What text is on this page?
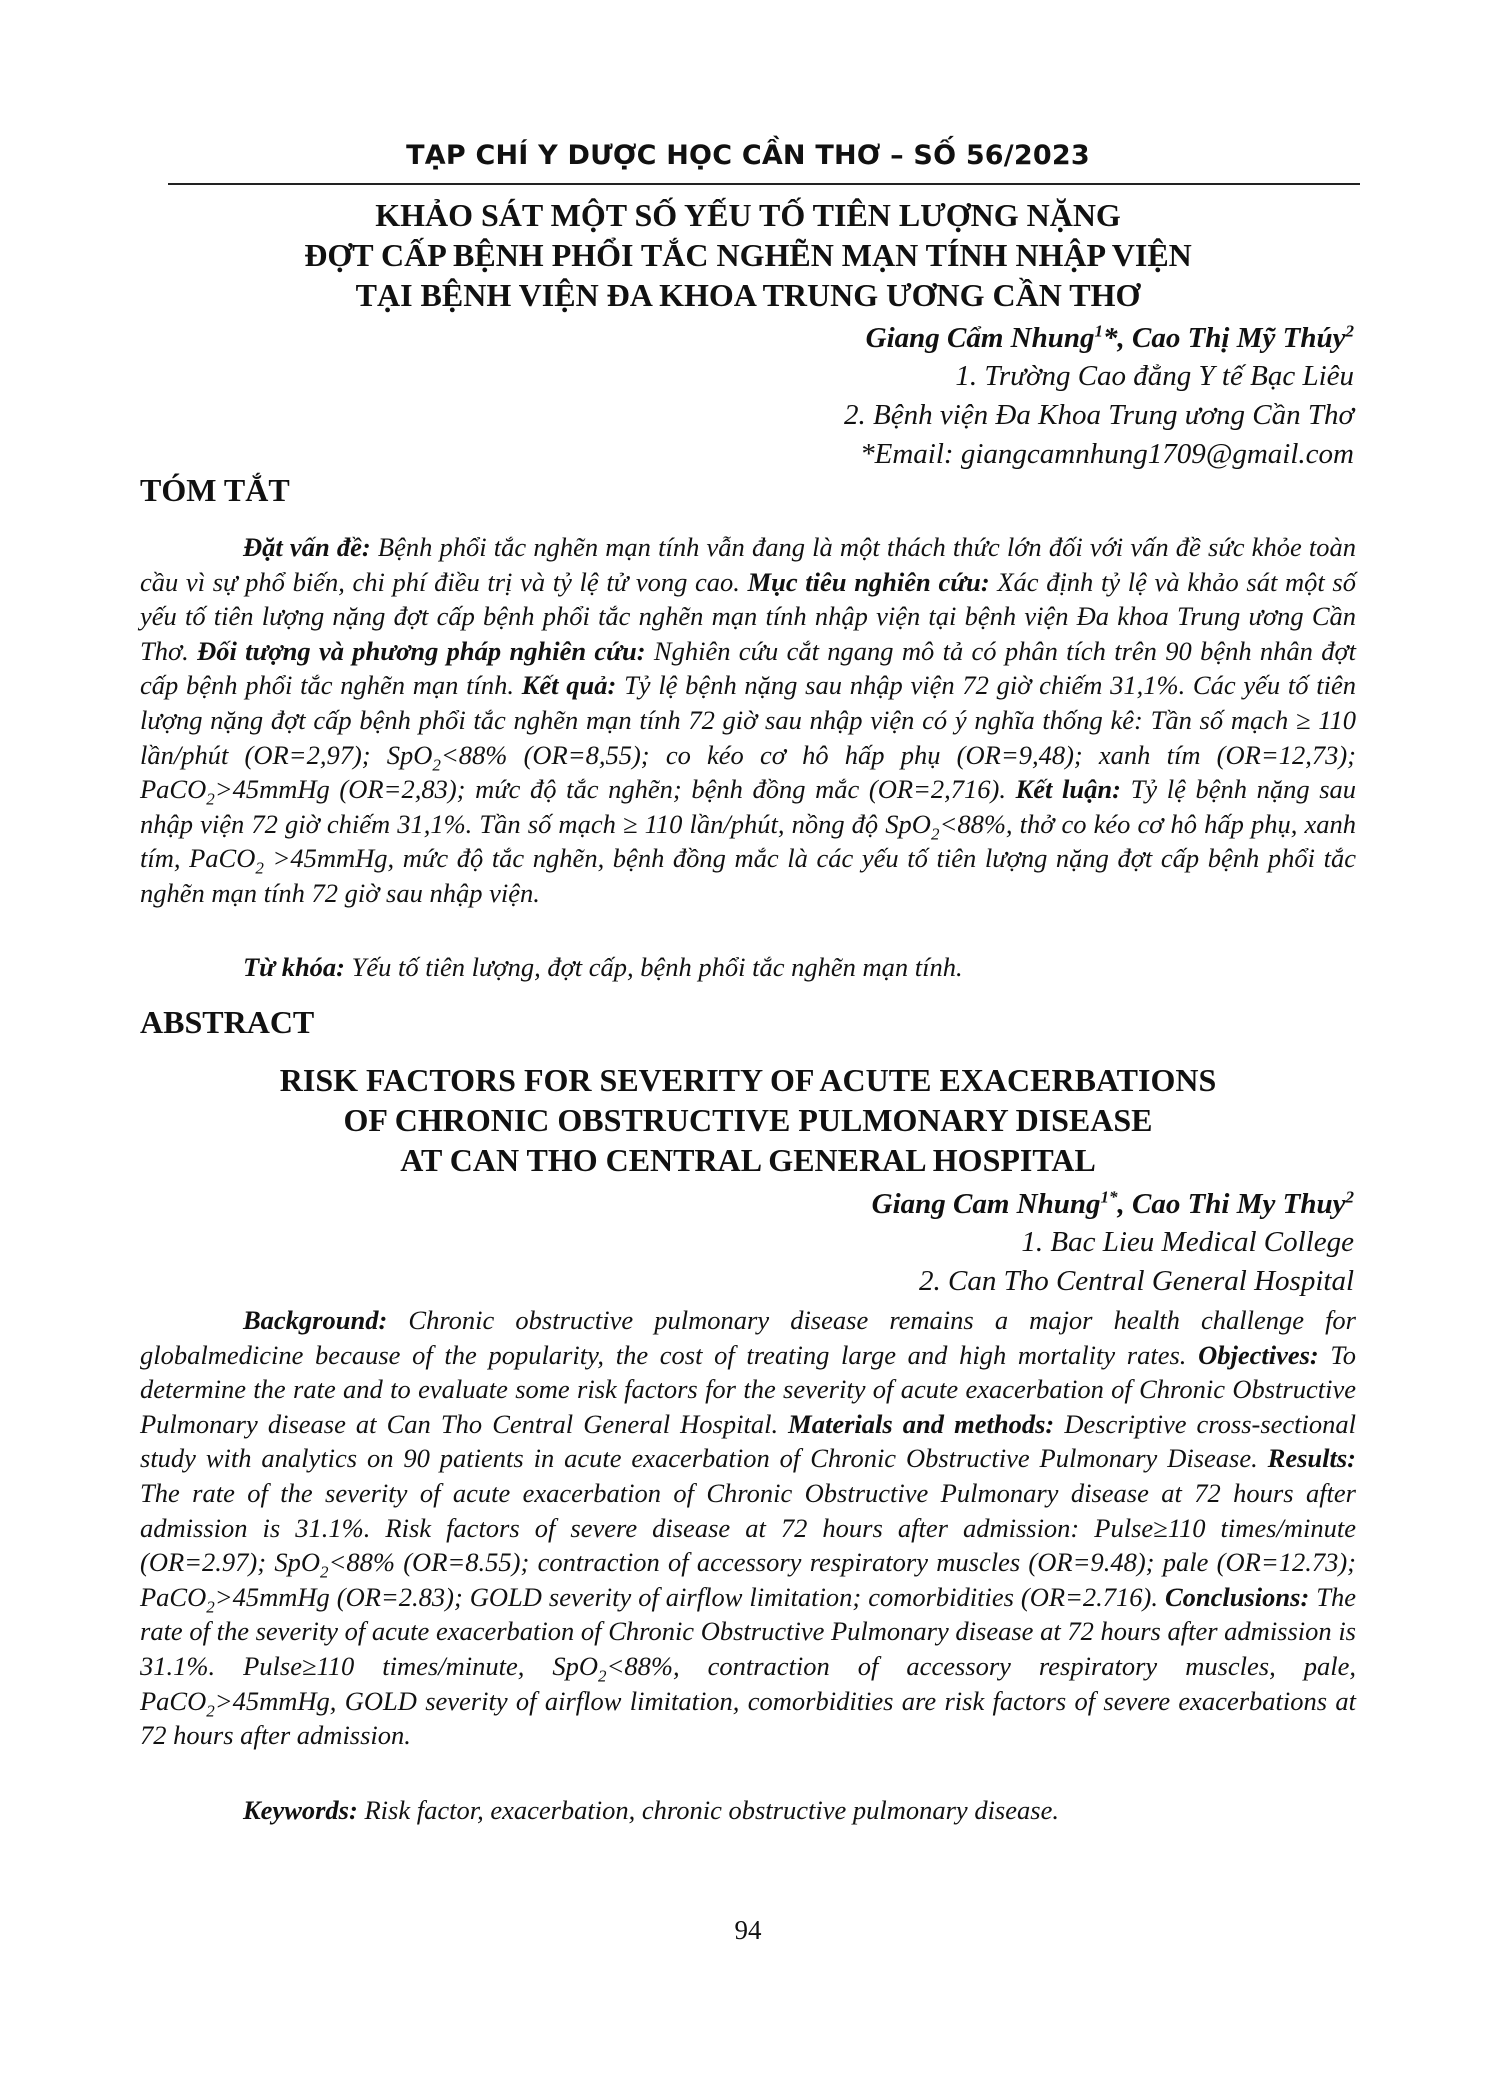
TẠP CHÍ Y DƯỢC HỌC CẦN THƠ – SỐ 56/2023
KHẢO SÁT MỘT SỐ YẾU TỐ TIÊN LƯỢNG NẶNG
ĐỢT CẤP BỆNH PHỔI TẮC NGHẼN MẠN TÍNH NHẬP VIỆN
TẠI BỆNH VIỆN ĐA KHOA TRUNG ƯƠNG CẦN THƠ
Giang Cẩm Nhung$^1$*, Cao Thị Mỹ Thúy$^2$
1. Trường Cao đẳng Y tế Bạc Liêu
2. Bệnh viện Đa Khoa Trung ương Cần Thơ
*Email: giangcamnhung1709@gmail.com
TÓM TẮT
Đặt vấn đề: Bệnh phổi tắc nghẽn mạn tính vẫn đang là một thách thức lớn đối với vấn đề sức khỏe toàn cầu vì sự phổ biến, chi phí điều trị và tỷ lệ tử vong cao. Mục tiêu nghiên cứu: Xác định tỷ lệ và khảo sát một số yếu tố tiên lượng nặng đợt cấp bệnh phổi tắc nghẽn mạn tính nhập viện tại bệnh viện Đa khoa Trung ương Cần Thơ. Đối tượng và phương pháp nghiên cứu: Nghiên cứu cắt ngang mô tả có phân tích trên 90 bệnh nhân đợt cấp bệnh phổi tắc nghẽn mạn tính. Kết quả: Tỷ lệ bệnh nặng sau nhập viện 72 giờ chiếm 31,1%. Các yếu tố tiên lượng nặng đợt cấp bệnh phổi tắc nghẽn mạn tính 72 giờ sau nhập viện có ý nghĩa thống kê: Tần số mạch ≥ 110 lần/phút (OR=2,97); SpO$_2$<88% (OR=8,55); co kéo cơ hô hấp phụ (OR=9,48); xanh tím (OR=12,73); PaCO$_2$>45mmHg (OR=2,83); mức độ tắc nghẽn; bệnh đồng mắc (OR=2,716). Kết luận: Tỷ lệ bệnh nặng sau nhập viện 72 giờ chiếm 31,1%. Tần số mạch ≥ 110 lần/phút, nồng độ SpO$_2$<88%, thở co kéo cơ hô hấp phụ, xanh tím, PaCO$_2$ >45mmHg, mức độ tắc nghẽn, bệnh đồng mắc là các yếu tố tiên lượng nặng đợt cấp bệnh phổi tắc nghẽn mạn tính 72 giờ sau nhập viện.
Từ khóa: Yếu tố tiên lượng, đợt cấp, bệnh phổi tắc nghẽn mạn tính.
ABSTRACT
RISK FACTORS FOR SEVERITY OF ACUTE EXACERBATIONS
OF CHRONIC OBSTRUCTIVE PULMONARY DISEASE
AT CAN THO CENTRAL GENERAL HOSPITAL
Giang Cam Nhung$^{1*}$, Cao Thi My Thuy$^2$
1. Bac Lieu Medical College
2. Can Tho Central General Hospital
Background: Chronic obstructive pulmonary disease remains a major health challenge for globalmedicine because of the popularity, the cost of treating large and high mortality rates. Objectives: To determine the rate and to evaluate some risk factors for the severity of acute exacerbation of Chronic Obstructive Pulmonary disease at Can Tho Central General Hospital. Materials and methods: Descriptive cross-sectional study with analytics on 90 patients in acute exacerbation of Chronic Obstructive Pulmonary Disease. Results: The rate of the severity of acute exacerbation of Chronic Obstructive Pulmonary disease at 72 hours after admission is 31.1%. Risk factors of severe disease at 72 hours after admission: Pulse≥110 times/minute (OR=2.97); SpO$_2$<88% (OR=8.55); contraction of accessory respiratory muscles (OR=9.48); pale (OR=12.73); PaCO$_2$>45mmHg (OR=2.83); GOLD severity of airflow limitation; comorbidities (OR=2.716). Conclusions: The rate of the severity of acute exacerbation of Chronic Obstructive Pulmonary disease at 72 hours after admission is 31.1%. Pulse≥110 times/minute, SpO$_2$<88%, contraction of accessory respiratory muscles, pale, PaCO$_2$>45mmHg, GOLD severity of airflow limitation, comorbidities are risk factors of severe exacerbations at 72 hours after admission.
Keywords: Risk factor, exacerbation, chronic obstructive pulmonary disease.
94
